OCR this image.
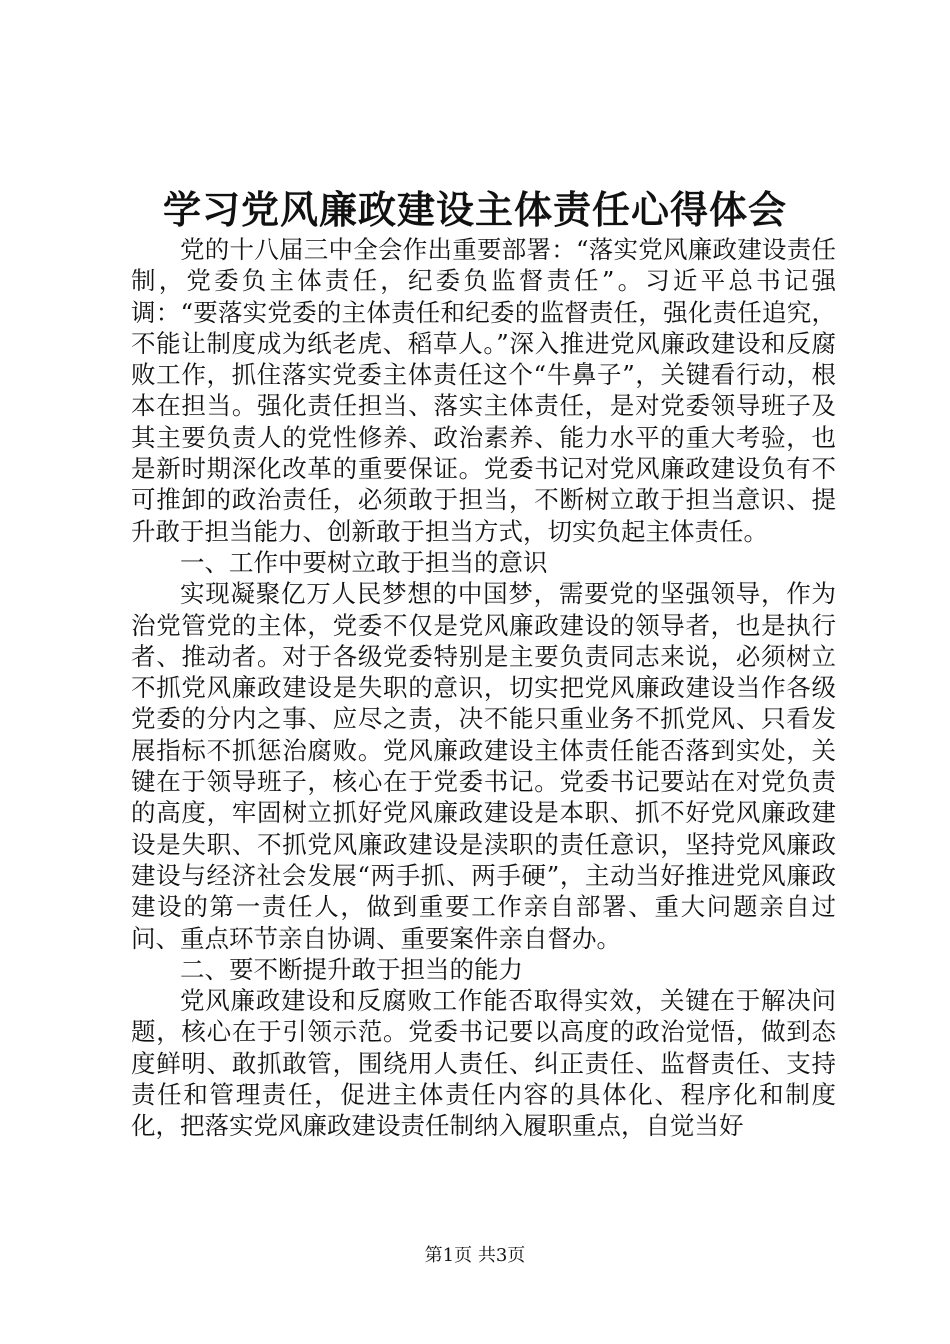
学习党风廉政建设主体责任心得体会

党的十八届三中全会作出重要部署：“落实党风廉政建设责任制，党委负主体责任，纪委负监督责任”。习近平总书记强调：“要落实党委的主体责任和纪委的监督责任，强化责任追究，不能让制度成为纸老虎、稻草人。”深入推进党风廉政建设和反腐败工作，抓住落实党委主体责任这个“牛鼻子”，关键看行动，根本在担当。强化责任担当、落实主体责任，是对党委领导班子及其主要负责人的党性修养、政治素养、能力水平的重大考验，也是新时期深化改革的重要保证。党委书记对党风廉政建设负有不可推卸的政治责任，必须敢于担当，不断树立敢于担当意识、提升敢于担当能力、创新敢于担当方式，切实负起主体责任。

一、工作中要树立敢于担当的意识

实现凝聚亿万人民梦想的中国梦，需要党的坚强领导，作为治党管党的主体，党委不仅是党风廉政建设的领导者，也是执行者、推动者。对于各级党委特别是主要负责同志来说，必须树立不抓党风廉政建设是失职的意识，切实把党风廉政建设当作各级党委的分内之事、应尽之责，决不能只重业务不抓党风、只看发展指标不抓惩治腐败。党风廉政建设主体责任能否落到实处，关键在于领导班子，核心在于党委书记。党委书记要站在对党负责的高度，牢固树立抓好党风廉政建设是本职、抓不好党风廉政建设是失职、不抓党风廉政建设是渎职的责任意识，坚持党风廉政建设与经济社会发展“两手抓、两手硬”，主动当好推进党风廉政建设的第一责任人，做到重要工作亲自部署、重大问题亲自过问、重点环节亲自协调、重要案件亲自督办。

二、要不断提升敢于担当的能力

党风廉政建设和反腐败工作能否取得实效，关键在于解决问题，核心在于引领示范。党委书记要以高度的政治觉悟，做到态度鲜明、敢抓敢管，围绕用人责任、纠正责任、监督责任、支持责任和管理责任，促进主体责任内容的具体化、程序化和制度化，把落实党风廉政建设责任制纳入履职重点，自觉当好

第1页 共3页
